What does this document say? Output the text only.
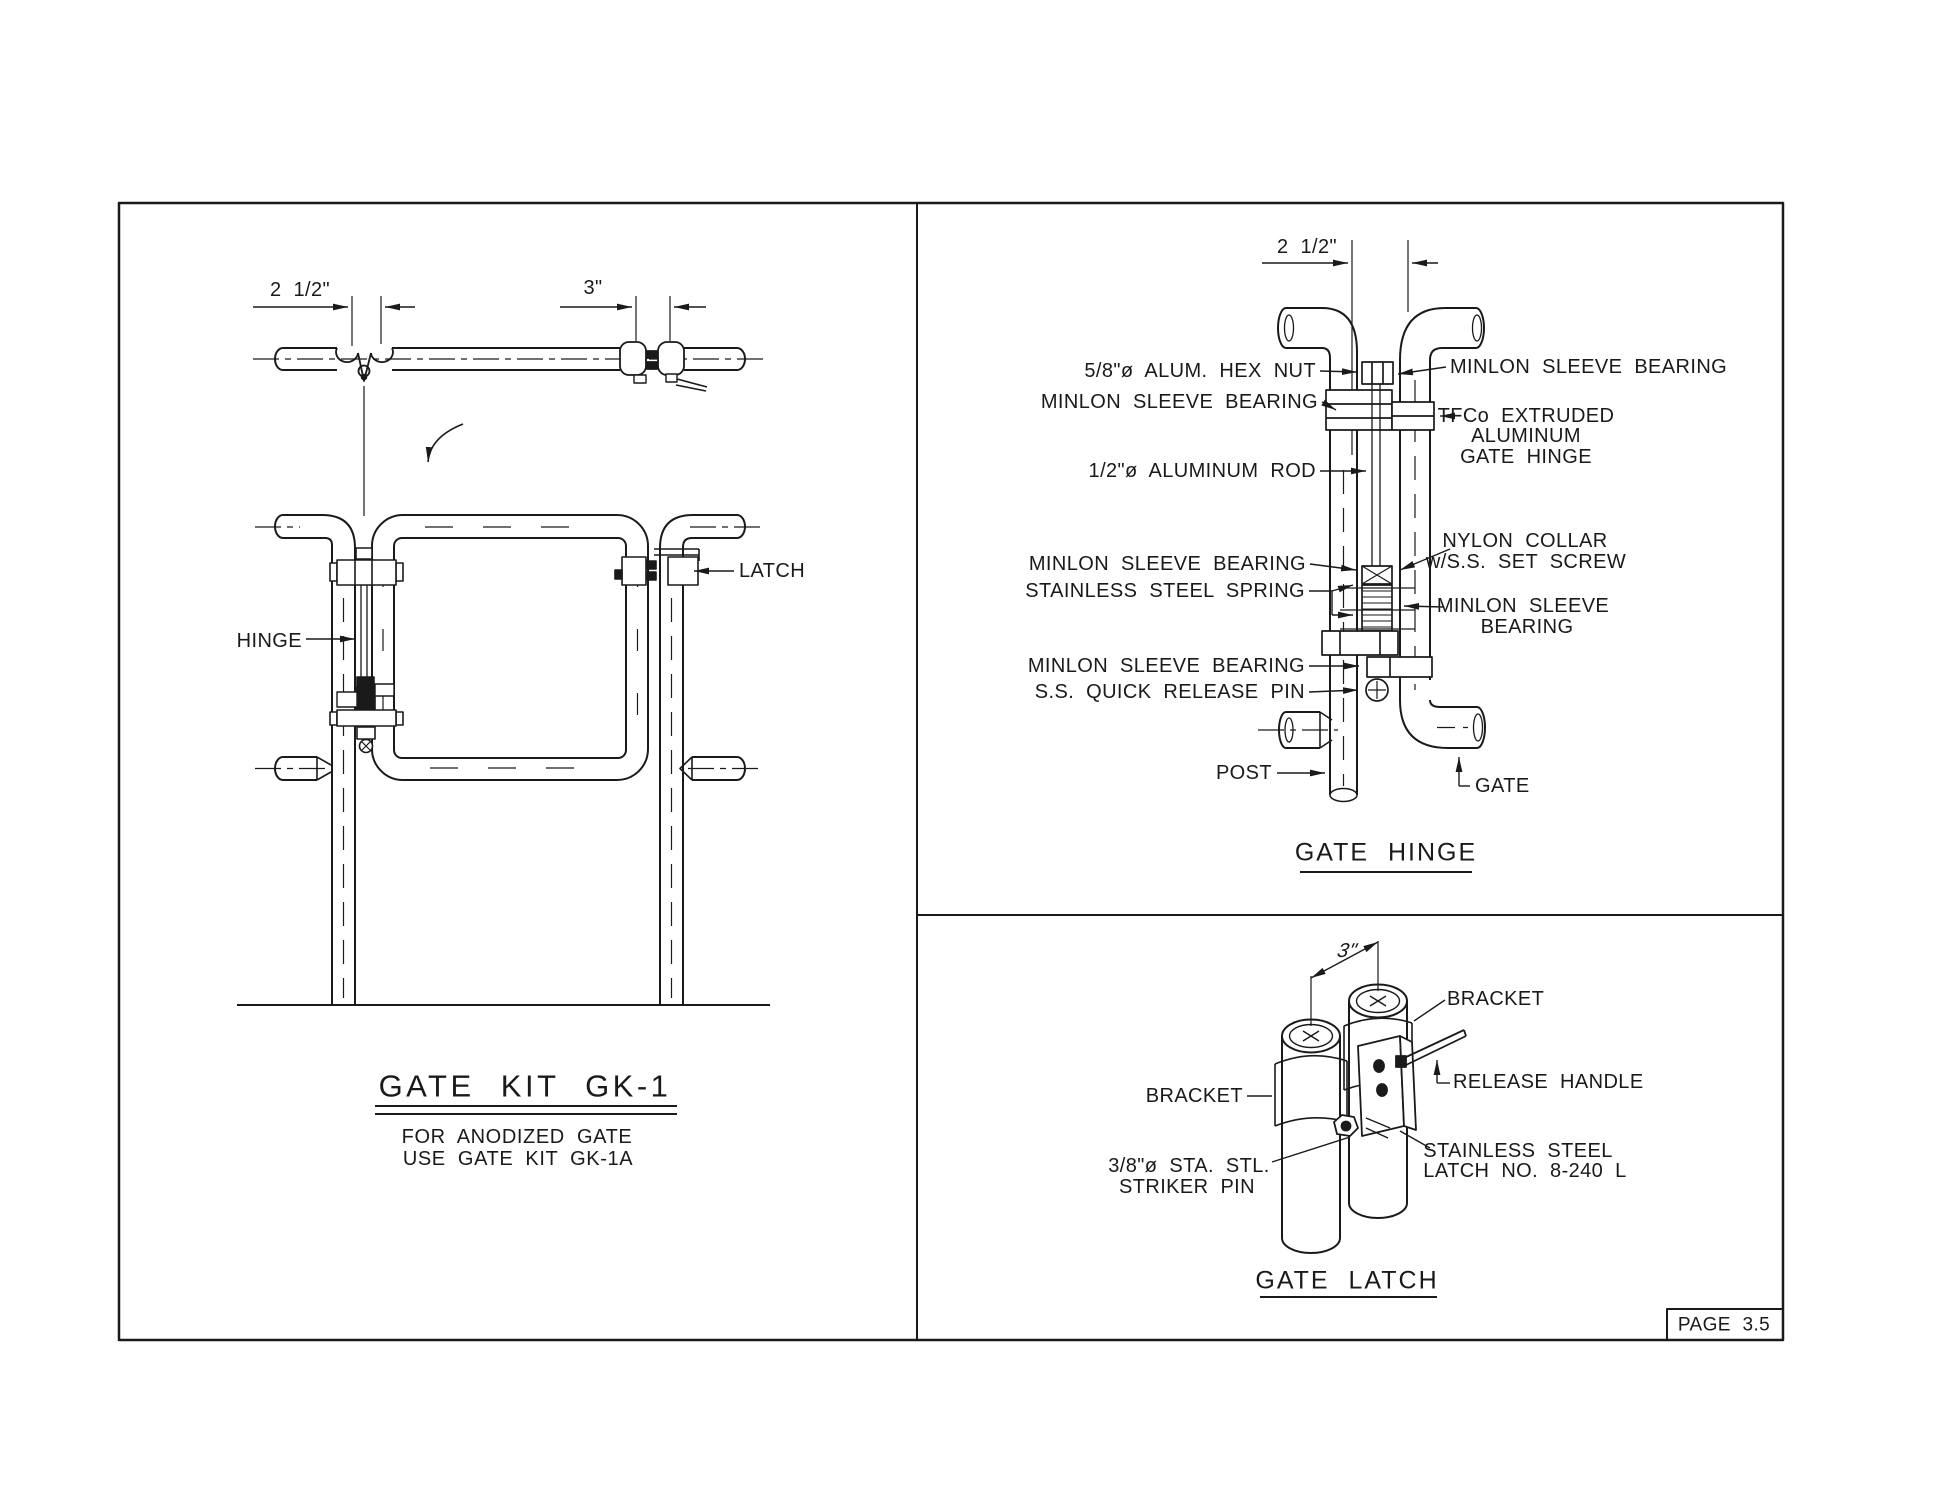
2 1/2"	3"
HINGE
LATCH
GATE KIT GK-1
FOR ANODIZED GATE
USE GATE KIT GK-1A
2 1/2"
5/8"ø ALUM. HEX NUT
MINLON SLEEVE BEARING
1/2"ø ALUMINUM ROD
MINLON SLEEVE BEARING
STAINLESS STEEL SPRING
MINLON SLEEVE BEARING
S.S. QUICK RELEASE PIN
POST
MINLON SLEEVE BEARING
TFCo EXTRUDED
ALUMINUM
GATE HINGE
NYLON COLLAR
w/S.S. SET SCREW
MINLON SLEEVE
BEARING
GATE
GATE HINGE
3"
BRACKET
RELEASE HANDLE
BRACKET
3/8"ø STA. STL.
STRIKER PIN
STAINLESS STEEL
LATCH NO. 8-240 L
GATE LATCH
PAGE 3.5
